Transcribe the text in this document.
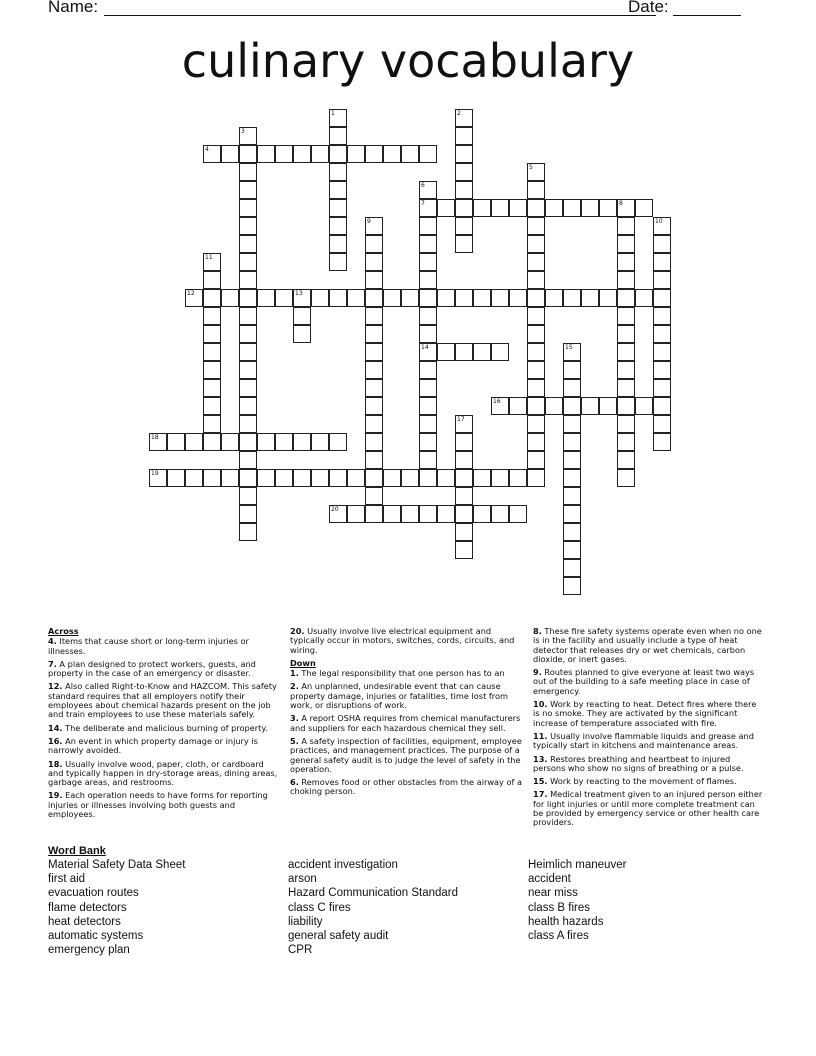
Name:	Date:
culinary vocabulary
1	2
3
4
5
6
7	8
9	10
11
12	13
14	15
16
17
18
19
20
Across
4. Items that cause short or long-term injuries or illnesses.
7. A plan designed to protect workers, guests, and property in the case of an emergency or disaster.
12. Also called Right-to-Know and HAZCOM. This safety standard requires that all employers notify their employees about chemical hazards present on the job and train employees to use these materials safely.
14. The deliberate and malicious burning of property.
16. An event in which property damage or injury is narrowly avoided.
18. Usually involve wood, paper, cloth, or cardboard and typically happen in dry-storage areas, dining areas, garbage areas, and restrooms.
19. Each operation needs to have forms for reporting injuries or illnesses involving both guests and employees.
20. Usually involve live electrical equipment and typically occur in motors, switches, cords, circuits, and wiring.
Down
1. The legal responsibility that one person has to an
2. An unplanned, undesirable event that can cause property damage, injuries or fatalities, time lost from work, or disruptions of work.
3. A report OSHA requires from chemical manufacturers and suppliers for each hazardous chemical they sell.
5. A safety inspection of facilities, equipment, employee practices, and management practices. The purpose of a general safety audit is to judge the level of safety in the operation.
6. Removes food or other obstacles from the airway of a choking person.
8. These fire safety systems operate even when no one is in the facility and usually include a type of heat detector that releases dry or wet chemicals, carbon dioxide, or inert gases.
9. Routes planned to give everyone at least two ways out of the building to a safe meeting place in case of emergency.
10. Work by reacting to heat. Detect fires where there is no smoke. They are activated by the significant increase of temperature associated with fire.
11. Usually involve flammable liquids and grease and typically start in kitchens and maintenance areas.
13. Restores breathing and heartbeat to injured persons who show no signs of breathing or a pulse.
15. Work by reacting to the movement of flames.
17. Medical treatment given to an injured person either for light injuries or until more complete treatment can be provided by emergency service or other health care providers.
Word Bank
Material Safety Data Sheet
first aid
evacuation routes
flame detectors
heat detectors
automatic systems
emergency plan
accident investigation
arson
Hazard Communication Standard
class C fires
liability
general safety audit
CPR
Heimlich maneuver
accident
near miss
class B fires
health hazards
class A fires
